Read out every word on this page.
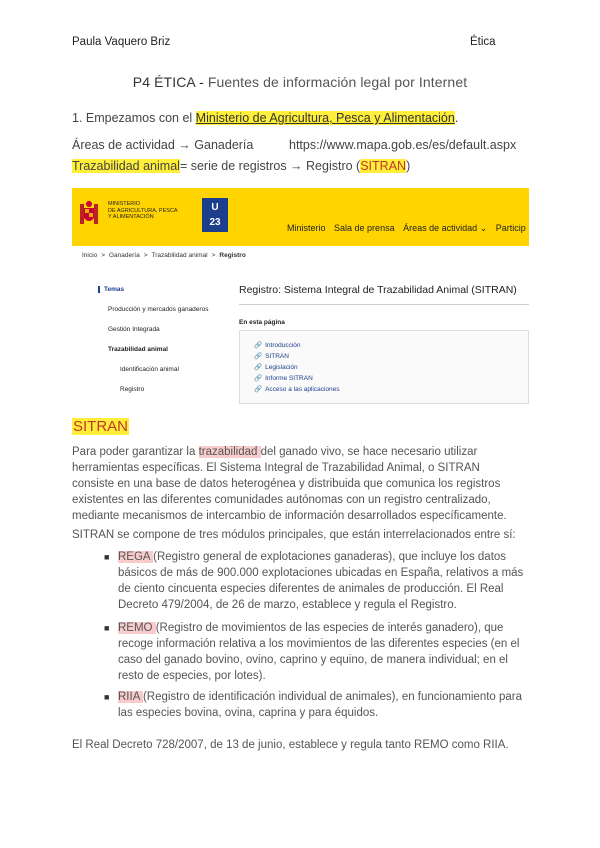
Paula Vaquero Briz	Ética
P4 ÉTICA - Fuentes de información legal por Internet
1. Empezamos con el Ministerio de Agricultura, Pesca y Alimentación.
Áreas de actividad → Ganadería	https://www.mapa.gob.es/es/default.aspx
Trazabilidad animal= serie de registros → Registro (SITRAN)
MINISTERIO
DE AGRICULTURA, PESCA
Y ALIMENTACIÓN
U
23	Ministerio Sala de prensa Áreas de actividad ⌄ Particip
Inicio > Ganadería > Trazabilidad animal > Registro
Temas
Producción y mercados ganaderos
Gestión Integrada
Trazabilidad animal
Identificación animal
Registro
Registro: Sistema Integral de Trazabilidad Animal (SITRAN)
En esta página
🔗 Introducción
🔗 SITRAN
🔗 Legislación
🔗 Informe SITRAN
🔗 Acceso a las aplicaciones
SITRAN
Para poder garantizar la trazabilidad del ganado vivo, se hace necesario utilizar herramientas específicas. El Sistema Integral de Trazabilidad Animal, o SITRAN consiste en una base de datos heterogénea y distribuida que comunica los registros existentes en las diferentes comunidades autónomas con un registro centralizado, mediante mecanismos de intercambio de información desarrollados específicamente.
SITRAN se compone de tres módulos principales, que están interrelacionados entre sí:
■ REGA (Registro general de explotaciones ganaderas), que incluye los datos básicos de más de 900.000 explotaciones ubicadas en España, relativos a más de ciento cincuenta especies diferentes de animales de producción. El Real Decreto 479/2004, de 26 de marzo, establece y regula el Registro.
■ REMO (Registro de movimientos de las especies de interés ganadero), que recoge información relativa a los movimientos de las diferentes especies (en el caso del ganado bovino, ovino, caprino y equino, de manera individual; en el resto de especies, por lotes).
■ RIIA (Registro de identificación individual de animales), en funcionamiento para las especies bovina, ovina, caprina y para équidos.
El Real Decreto 728/2007, de 13 de junio, establece y regula tanto REMO como RIIA.
